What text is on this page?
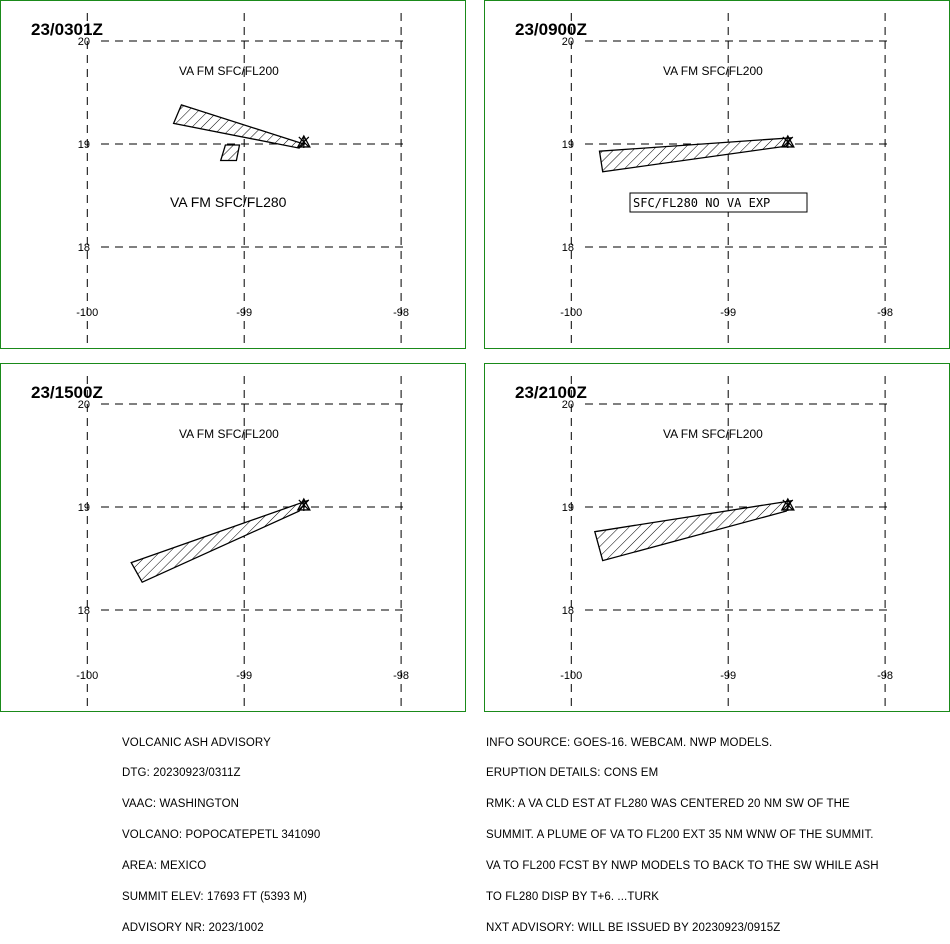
20
19
18
-100	-99	-98
23/0301Z
VA FM SFC/FL200
VA FM SFC/FL280
20
19
18
-100	-99	-98
23/0900Z
VA FM SFC/FL200
SFC/FL280 NO VA EXP
20
19
18
-100	-99	-98
23/1500Z
VA FM SFC/FL200
20
19
18
-100	-99	-98
23/2100Z
VA FM SFC/FL200

VOLCANIC ASH ADVISORY

DTG: 20230923/0311Z

VAAC: WASHINGTON

VOLCANO: POPOCATEPETL 341090

AREA: MEXICO

SUMMIT ELEV: 17693 FT (5393 M)

ADVISORY NR: 2023/1002

INFO SOURCE: GOES-16. WEBCAM. NWP MODELS.

ERUPTION DETAILS: CONS EM

RMK: A VA CLD EST AT FL280 WAS CENTERED 20 NM SW OF THE

SUMMIT. A PLUME OF VA TO FL200 EXT 35 NM WNW OF THE SUMMIT.

VA TO FL200 FCST BY NWP MODELS TO BACK TO THE SW WHILE ASH

TO FL280 DISP BY T+6. ...TURK

NXT ADVISORY: WILL BE ISSUED BY 20230923/0915Z
